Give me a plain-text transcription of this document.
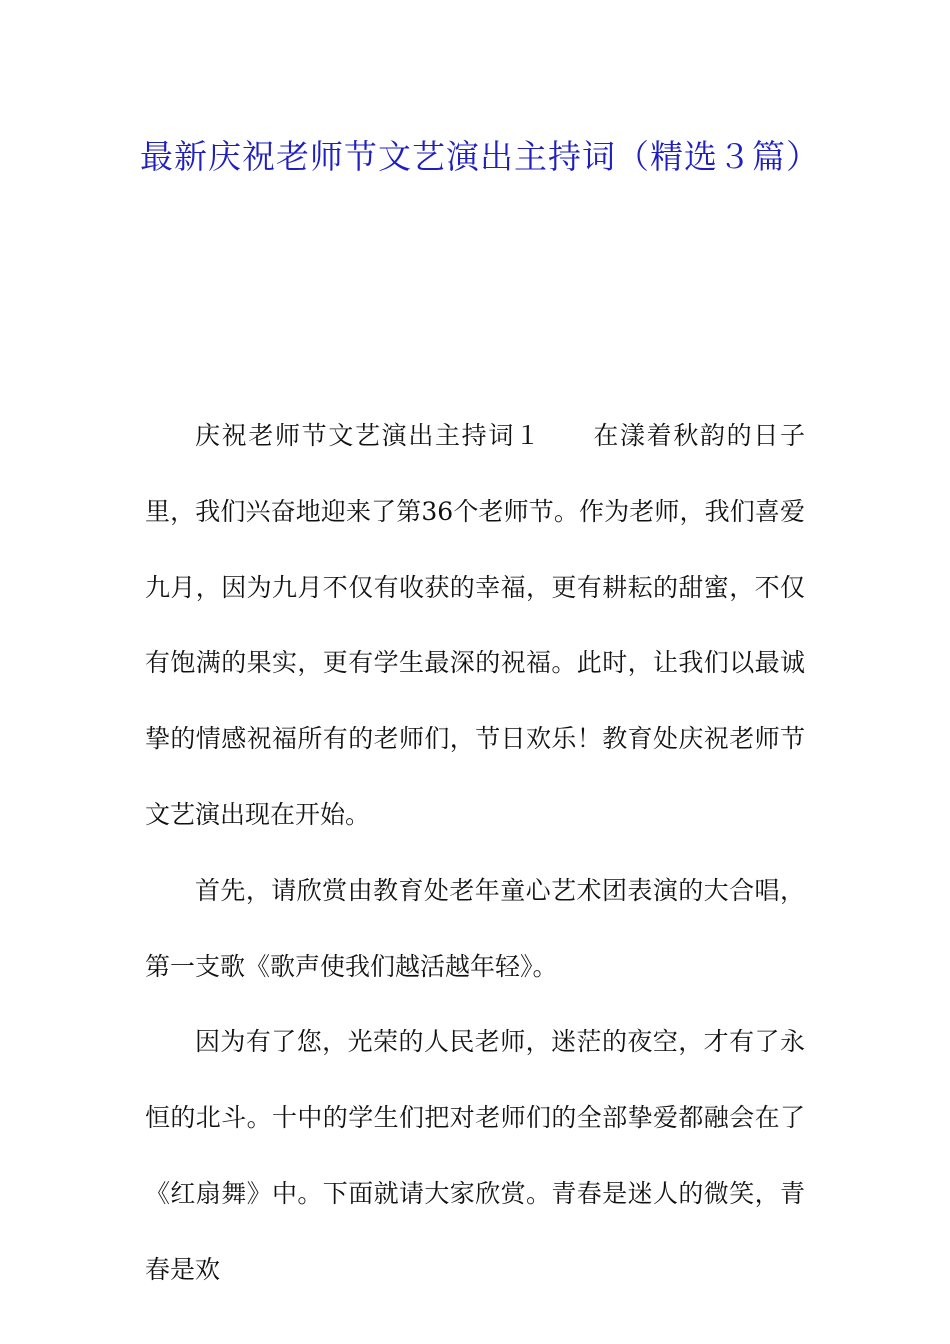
最新庆祝老师节文艺演出主持词（精选３篇）

庆祝老师节文艺演出主持词１ 在漾着秋韵的日子里，我们兴奋地迎来了第36个老师节。作为老师，我们喜爱九月，因为九月不仅有收获的幸福，更有耕耘的甜蜜，不仅有饱满的果实，更有学生最深的祝福。此时，让我们以最诚挚的情感祝福所有的老师们，节日欢乐！教育处庆祝老师节文艺演出现在开始。

首先，请欣赏由教育处老年童心艺术团表演的大合唱，第一支歌《歌声使我们越活越年轻》。

因为有了您，光荣的人民老师，迷茫的夜空，才有了永恒的北斗。十中的学生们把对老师们的全部挚爱都融会在了《红扇舞》中。下面就请大家欣赏。青春是迷人的微笑，青春是欢
